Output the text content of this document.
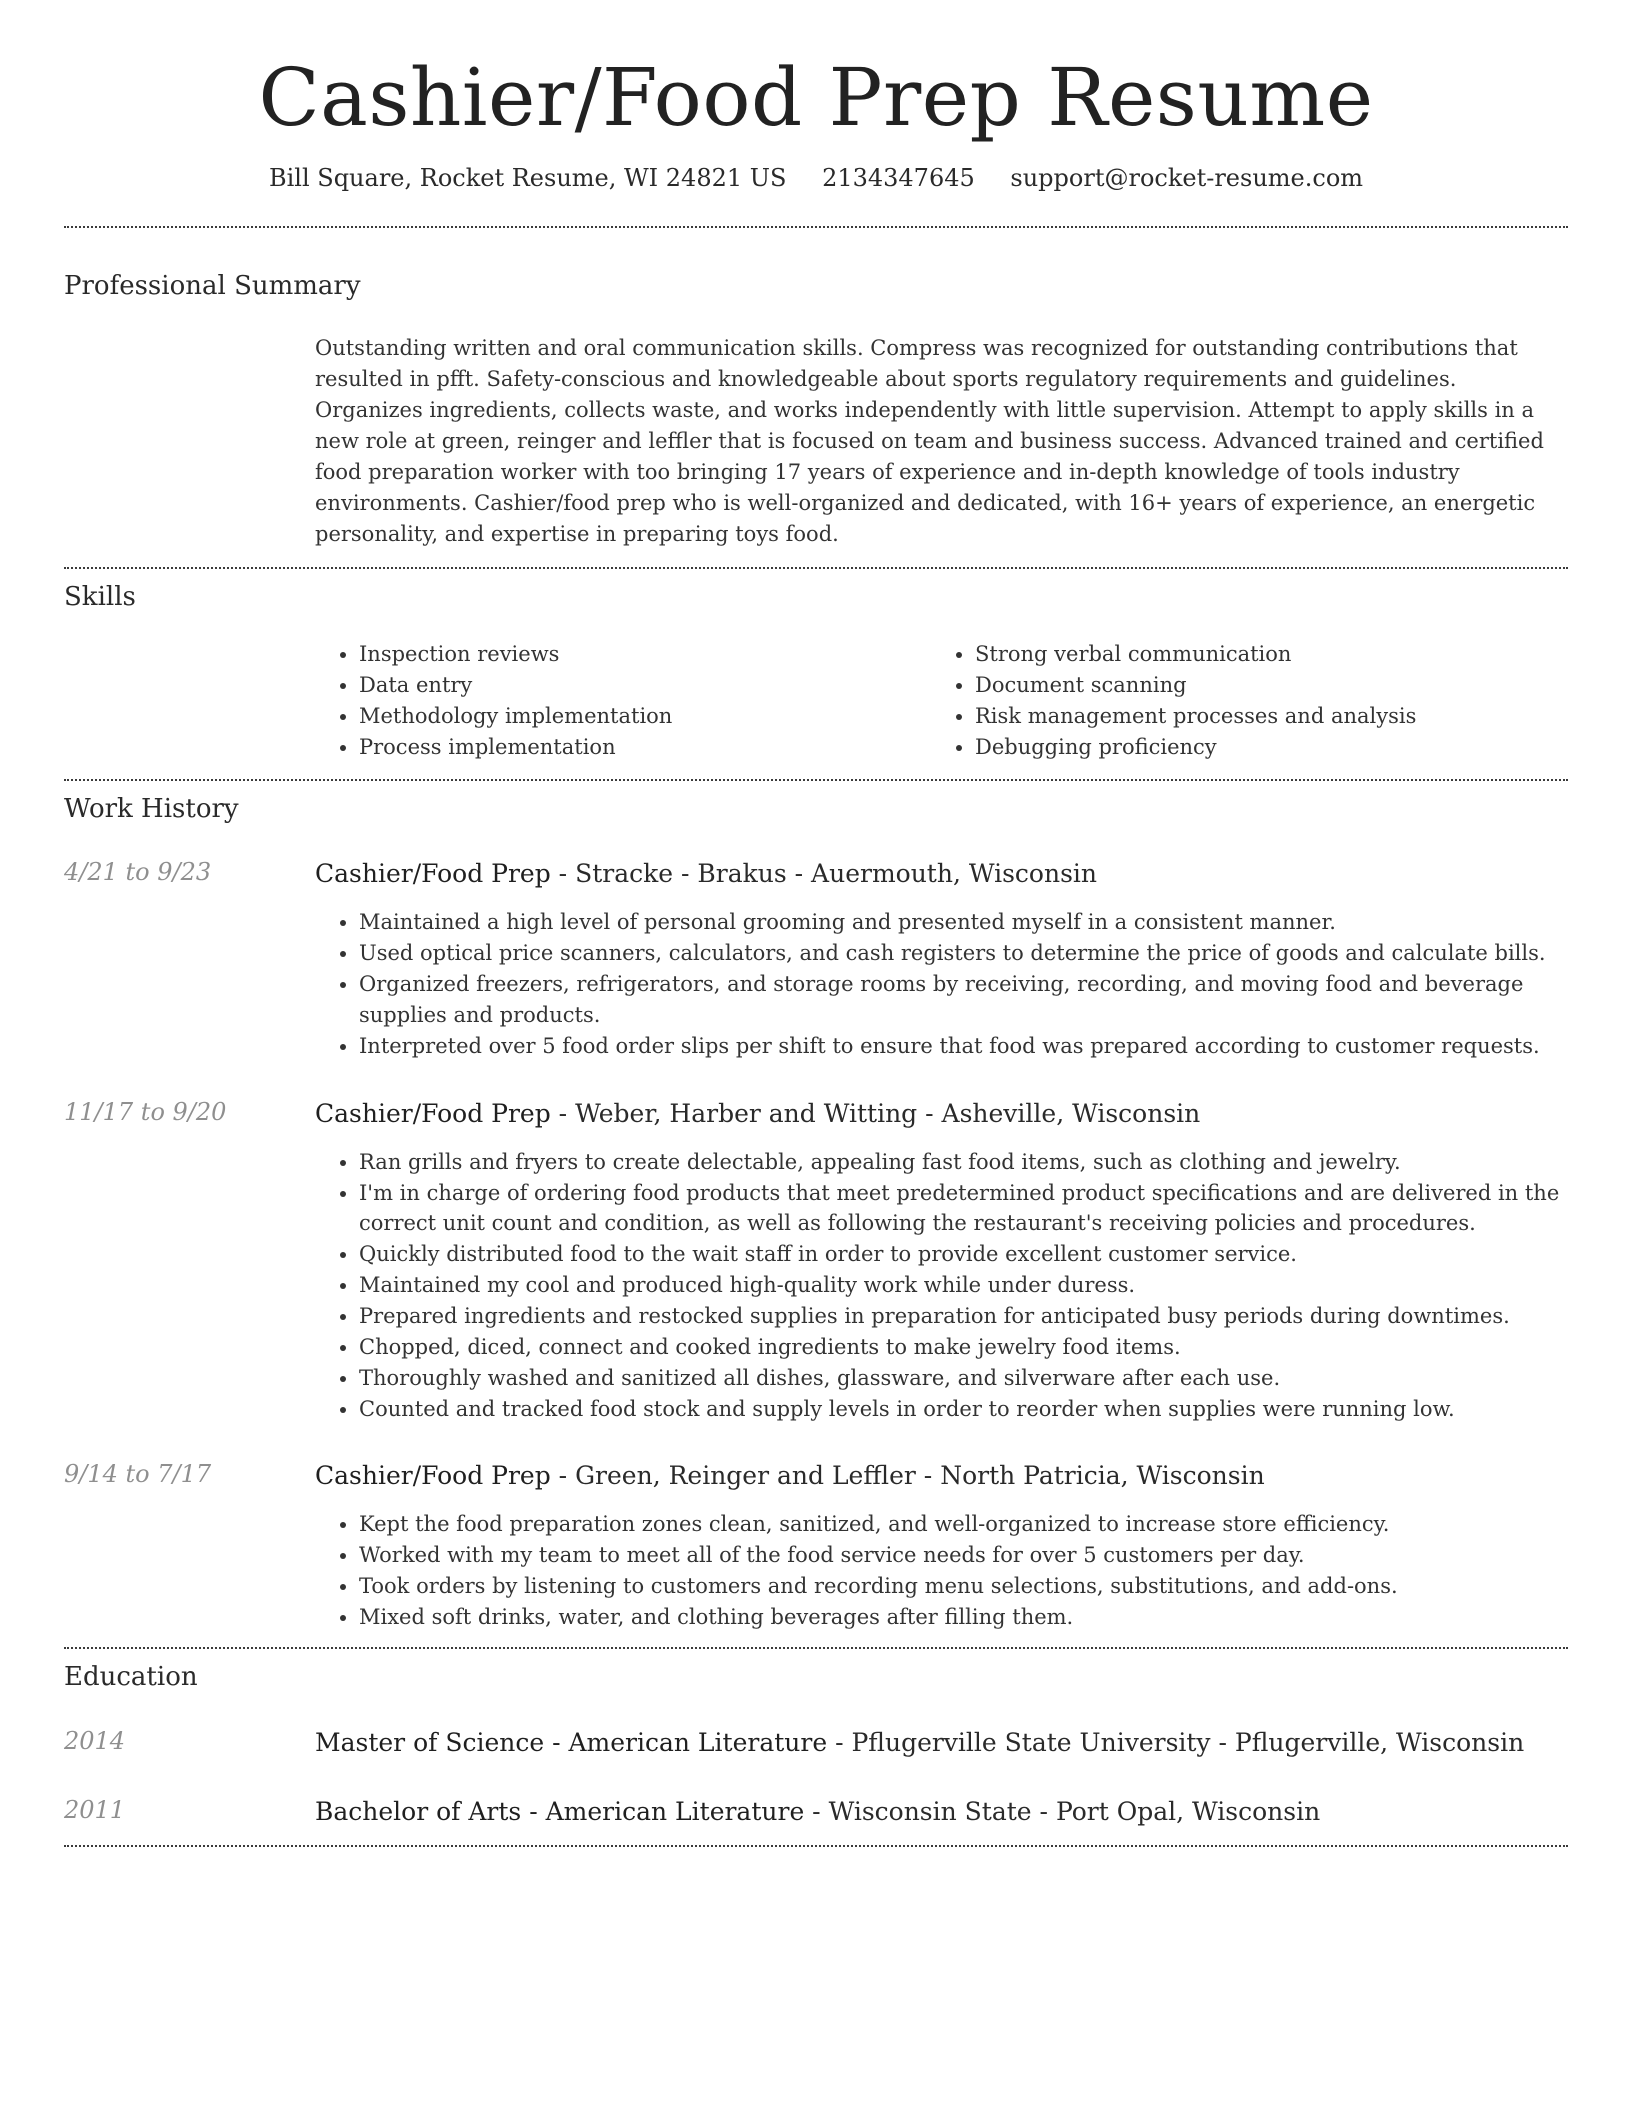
Cashier/Food Prep Resume
Bill Square, Rocket Resume, WI 24821 US 2134347645 support@rocket-resume.com
Professional Summary

Outstanding written and oral communication skills. Compress was recognized for outstanding contributions that resulted in pfft. Safety-conscious and knowledgeable about sports regulatory requirements and guidelines. Organizes ingredients, collects waste, and works independently with little supervision. Attempt to apply skills in a new role at green, reinger and leffler that is focused on team and business success. Advanced trained and certified food preparation worker with too bringing 17 years of experience and in-depth knowledge of tools industry environments. Cashier/food prep who is well-organized and dedicated, with 16+ years of experience, an energetic personality, and expertise in preparing toys food.

Skills
• Inspection reviews
• Data entry
• Methodology implementation
• Process implementation
• Strong verbal communication
• Document scanning
• Risk management processes and analysis
• Debugging proficiency
Work History
4/21 to 9/23	Cashier/Food Prep - Stracke - Brakus - Auermouth, Wisconsin
• Maintained a high level of personal grooming and presented myself in a consistent manner.
• Used optical price scanners, calculators, and cash registers to determine the price of goods and calculate bills.
• Organized freezers, refrigerators, and storage rooms by receiving, recording, and moving food and beverage supplies and products.
• Interpreted over 5 food order slips per shift to ensure that food was prepared according to customer requests.
11/17 to 9/20	Cashier/Food Prep - Weber, Harber and Witting - Asheville, Wisconsin
• Ran grills and fryers to create delectable, appealing fast food items, such as clothing and jewelry.
• I'm in charge of ordering food products that meet predetermined product specifications and are delivered in the correct unit count and condition, as well as following the restaurant's receiving policies and procedures.
• Quickly distributed food to the wait staff in order to provide excellent customer service.
• Maintained my cool and produced high-quality work while under duress.
• Prepared ingredients and restocked supplies in preparation for anticipated busy periods during downtimes.
• Chopped, diced, connect and cooked ingredients to make jewelry food items.
• Thoroughly washed and sanitized all dishes, glassware, and silverware after each use.
• Counted and tracked food stock and supply levels in order to reorder when supplies were running low.
9/14 to 7/17	Cashier/Food Prep - Green, Reinger and Leffler - North Patricia, Wisconsin
• Kept the food preparation zones clean, sanitized, and well-organized to increase store efficiency.
• Worked with my team to meet all of the food service needs for over 5 customers per day.
• Took orders by listening to customers and recording menu selections, substitutions, and add-ons.
• Mixed soft drinks, water, and clothing beverages after filling them.
Education
2014	Master of Science - American Literature - Pflugerville State University - Pflugerville, Wisconsin
2011	Bachelor of Arts - American Literature - Wisconsin State - Port Opal, Wisconsin
